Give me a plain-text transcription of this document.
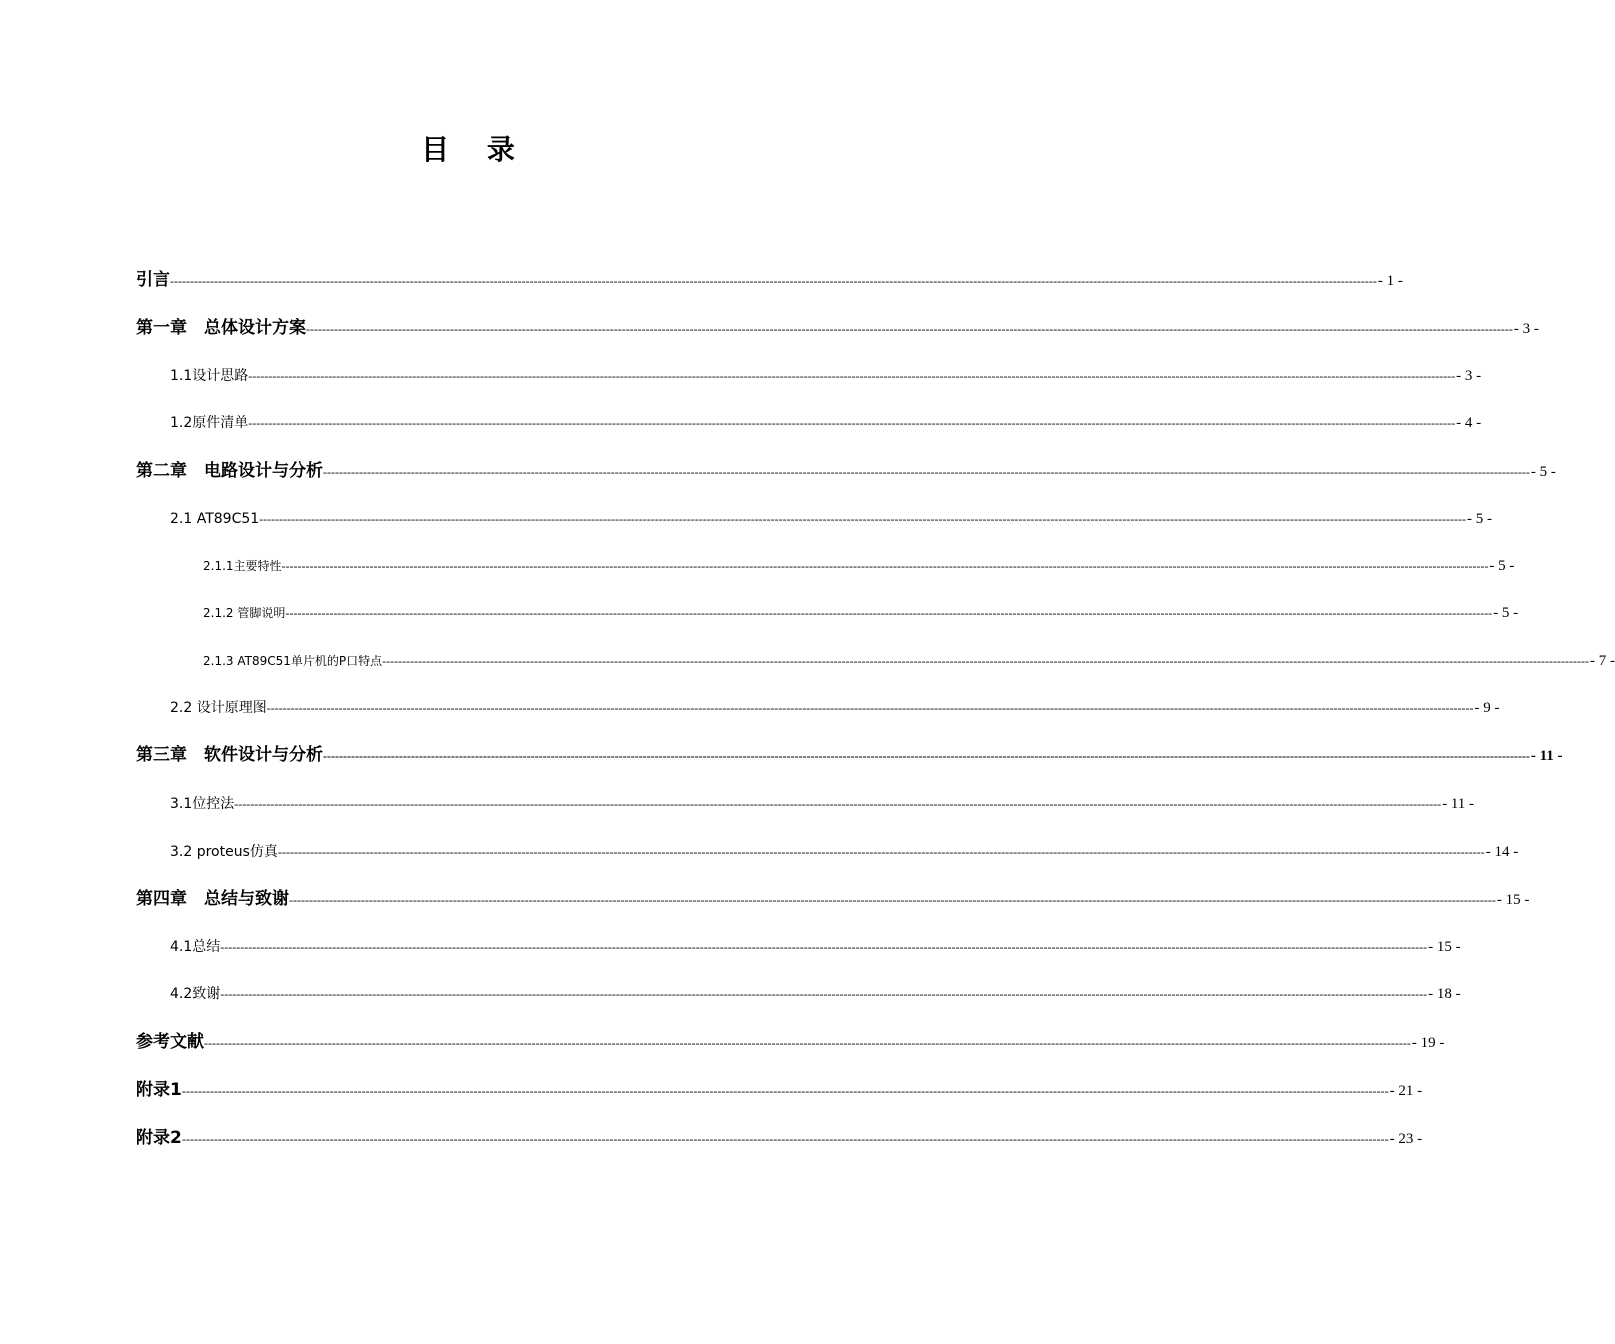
目 录
引言 -------------------------------------------------------------------------------------------------------------------------------------------------------------------------------------------------------------------------------------------------------------------------------------------------------------- - 1 -
第一章　总体设计方案 -------------------------------------------------------------------------------------------------------------------------------------------------------------------------------------------------------------------------------------------------------------------------------------------------------------- - 3 -
1.1设计思路 -------------------------------------------------------------------------------------------------------------------------------------------------------------------------------------------------------------------------------------------------------------------------------------------------------------- - 3 -
1.2原件清单 -------------------------------------------------------------------------------------------------------------------------------------------------------------------------------------------------------------------------------------------------------------------------------------------------------------- - 4 -
第二章　电路设计与分析 -------------------------------------------------------------------------------------------------------------------------------------------------------------------------------------------------------------------------------------------------------------------------------------------------------------- - 5 -
2.1 AT89C51 -------------------------------------------------------------------------------------------------------------------------------------------------------------------------------------------------------------------------------------------------------------------------------------------------------------- - 5 -
2.1.1主要特性 -------------------------------------------------------------------------------------------------------------------------------------------------------------------------------------------------------------------------------------------------------------------------------------------------------------- - 5 -
2.1.2 管脚说明 -------------------------------------------------------------------------------------------------------------------------------------------------------------------------------------------------------------------------------------------------------------------------------------------------------------- - 5 -
2.1.3 AT89C51单片机的P口特点 -------------------------------------------------------------------------------------------------------------------------------------------------------------------------------------------------------------------------------------------------------------------------------------------------------------- - 7 -
2.2 设计原理图 -------------------------------------------------------------------------------------------------------------------------------------------------------------------------------------------------------------------------------------------------------------------------------------------------------------- - 9 -
第三章　软件设计与分析 -------------------------------------------------------------------------------------------------------------------------------------------------------------------------------------------------------------------------------------------------------------------------------------------------------------- - 11 -
3.1位控法 -------------------------------------------------------------------------------------------------------------------------------------------------------------------------------------------------------------------------------------------------------------------------------------------------------------- - 11 -
3.2 proteus仿真 -------------------------------------------------------------------------------------------------------------------------------------------------------------------------------------------------------------------------------------------------------------------------------------------------------------- - 14 -
第四章　总结与致谢 -------------------------------------------------------------------------------------------------------------------------------------------------------------------------------------------------------------------------------------------------------------------------------------------------------------- - 15 -
4.1总结 -------------------------------------------------------------------------------------------------------------------------------------------------------------------------------------------------------------------------------------------------------------------------------------------------------------- - 15 -
4.2致谢 -------------------------------------------------------------------------------------------------------------------------------------------------------------------------------------------------------------------------------------------------------------------------------------------------------------- - 18 -
参考文献 -------------------------------------------------------------------------------------------------------------------------------------------------------------------------------------------------------------------------------------------------------------------------------------------------------------- - 19 -
附录1 -------------------------------------------------------------------------------------------------------------------------------------------------------------------------------------------------------------------------------------------------------------------------------------------------------------- - 21 -
附录2 -------------------------------------------------------------------------------------------------------------------------------------------------------------------------------------------------------------------------------------------------------------------------------------------------------------- - 23 -
